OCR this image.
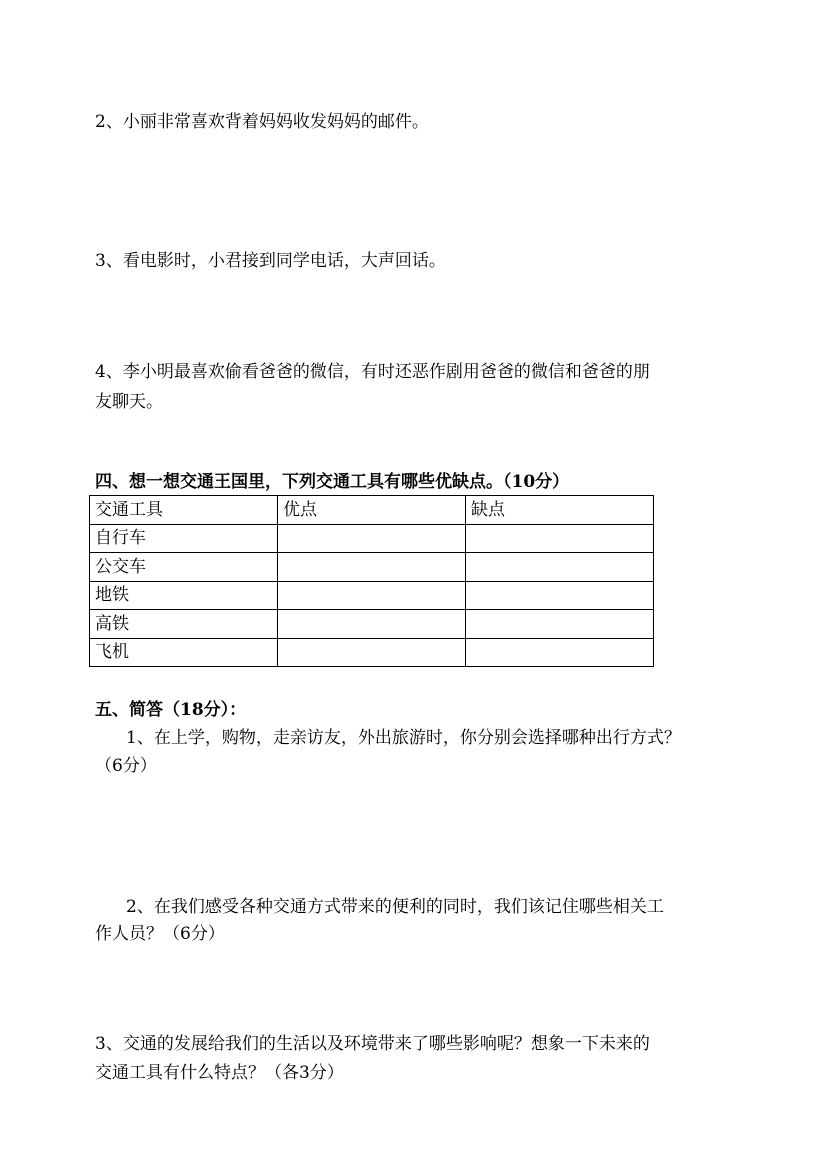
2、小丽非常喜欢背着妈妈收发妈妈的邮件。
3、看电影时，小君接到同学电话，大声回话。
4、李小明最喜欢偷看爸爸的微信，有时还恶作剧用爸爸的微信和爸爸的朋
友聊天。
四、想一想交通王国里，下列交通工具有哪些优缺点。（10分）
交通工具	优点	缺点
自行车		
公交车		
地铁		
高铁		
飞机		
五、简答（18分）：
1、在上学，购物，走亲访友，外出旅游时，你分别会选择哪种出行方式？
（6分）
2、在我们感受各种交通方式带来的便利的同时，我们该记住哪些相关工
作人员？（6分）
3、交通的发展给我们的生活以及环境带来了哪些影响呢？想象一下未来的
交通工具有什么特点？（各3分）
